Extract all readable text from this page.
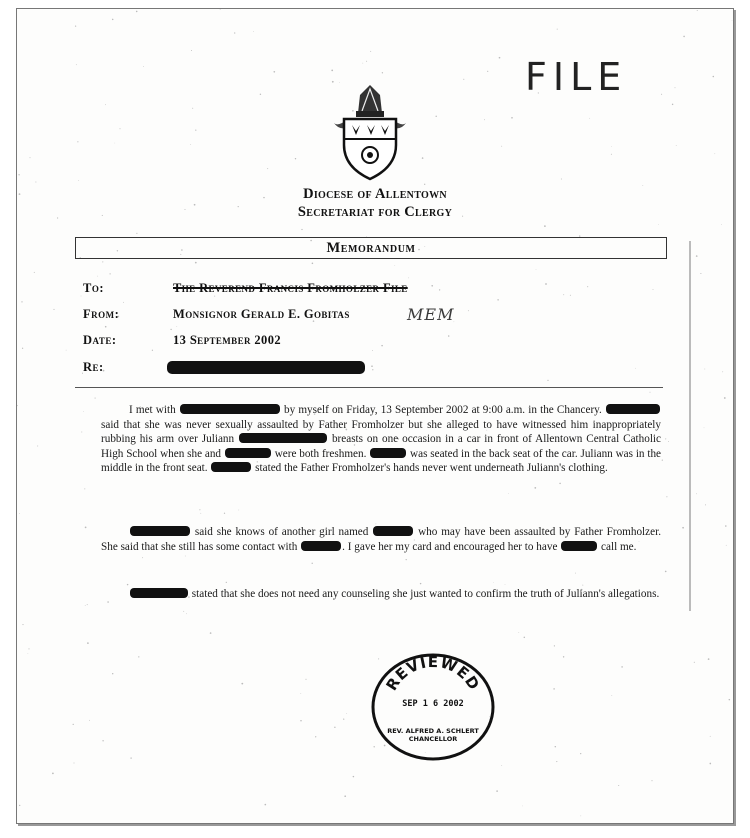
FILE
Diocese of Allentown
Secretariat for Clergy
Memorandum
To:	The Reverend Francis Fromholzer File
From:	Monsignor Gerald E. Gobitas	MEM
Date:	13 September 2002
Re:
I met with	by myself on Friday, 13 September 2002 at 9:00 a.m. in the Chancery.  said that she was never sexually assaulted by Father Fromholzer but she alleged to have witnessed him inappropriately rubbing his arm over Juliann	breasts on one occasion in a car in front of Allentown Central Catholic High School when she and	were both freshmen.	was seated in the back seat of the car. Juliann was in the middle in the front seat.	stated the Father Fromholzer's hands never went underneath Juliann's clothing.
said she knows of another girl named	who may have been assaulted by Father Fromholzer. She said that she still has some contact with	. I gave her my card and encouraged her to have	call me.
stated that she does not need any counseling she just wanted to confirm the truth of Juliann's allegations.
REVIEWED
SEP 1 6 2002
REV. ALFRED A. SCHLERT
CHANCELLOR
